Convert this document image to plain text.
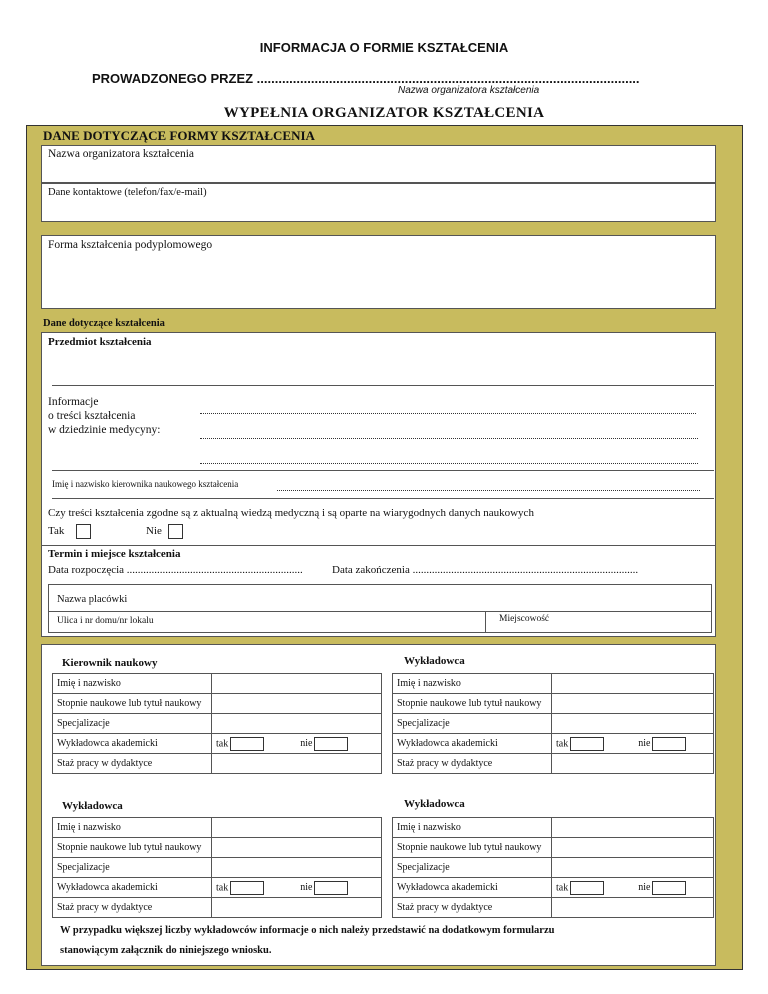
INFORMACJA O FORMIE KSZTAŁCENIA
PROWADZONEGO PRZEZ ..........................................................................................................
Nazwa organizatora kształcenia
WYPEŁNIA ORGANIZATOR KSZTAŁCENIA
DANE DOTYCZĄCE FORMY KSZTAŁCENIA
Nazwa organizatora kształcenia
Dane kontaktowe (telefon/fax/e-mail)
Forma kształcenia podyplomowego
Dane dotyczące kształcenia
Przedmiot kształcenia
Informacje
o treści kształcenia
w dziedzinie medycyny:
Imię i nazwisko kierownika naukowego kształcenia
Czy treści kształcenia zgodne są z aktualną wiedzą medyczną i są oparte na wiarygodnych danych naukowych
Tak	Nie
Termin i miejsce kształcenia
Data rozpoczęcia ................................................................	Data zakończenia ..................................................................................
Nazwa placówki
Ulica i nr domu/nr lokalu	Miejscowość
Kierownik naukowy	Wykładowca
Imię i nazwisko	
Stopnie naukowe lub tytuł naukowy	
Specjalizacje	
Wykładowca akademicki	tak nie
Staż pracy w dydaktyce	
Imię i nazwisko	
Stopnie naukowe lub tytuł naukowy	
Specjalizacje	
Wykładowca akademicki	tak nie
Staż pracy w dydaktyce	
Wykładowca	Wykładowca
Imię i nazwisko	
Stopnie naukowe lub tytuł naukowy	
Specjalizacje	
Wykładowca akademicki	tak nie
Staż pracy w dydaktyce	
Imię i nazwisko	
Stopnie naukowe lub tytuł naukowy	
Specjalizacje	
Wykładowca akademicki	tak nie
Staż pracy w dydaktyce	
W przypadku większej liczby wykładowców informacje o nich należy przedstawić na dodatkowym formularzu
stanowiącym załącznik do niniejszego wniosku.
